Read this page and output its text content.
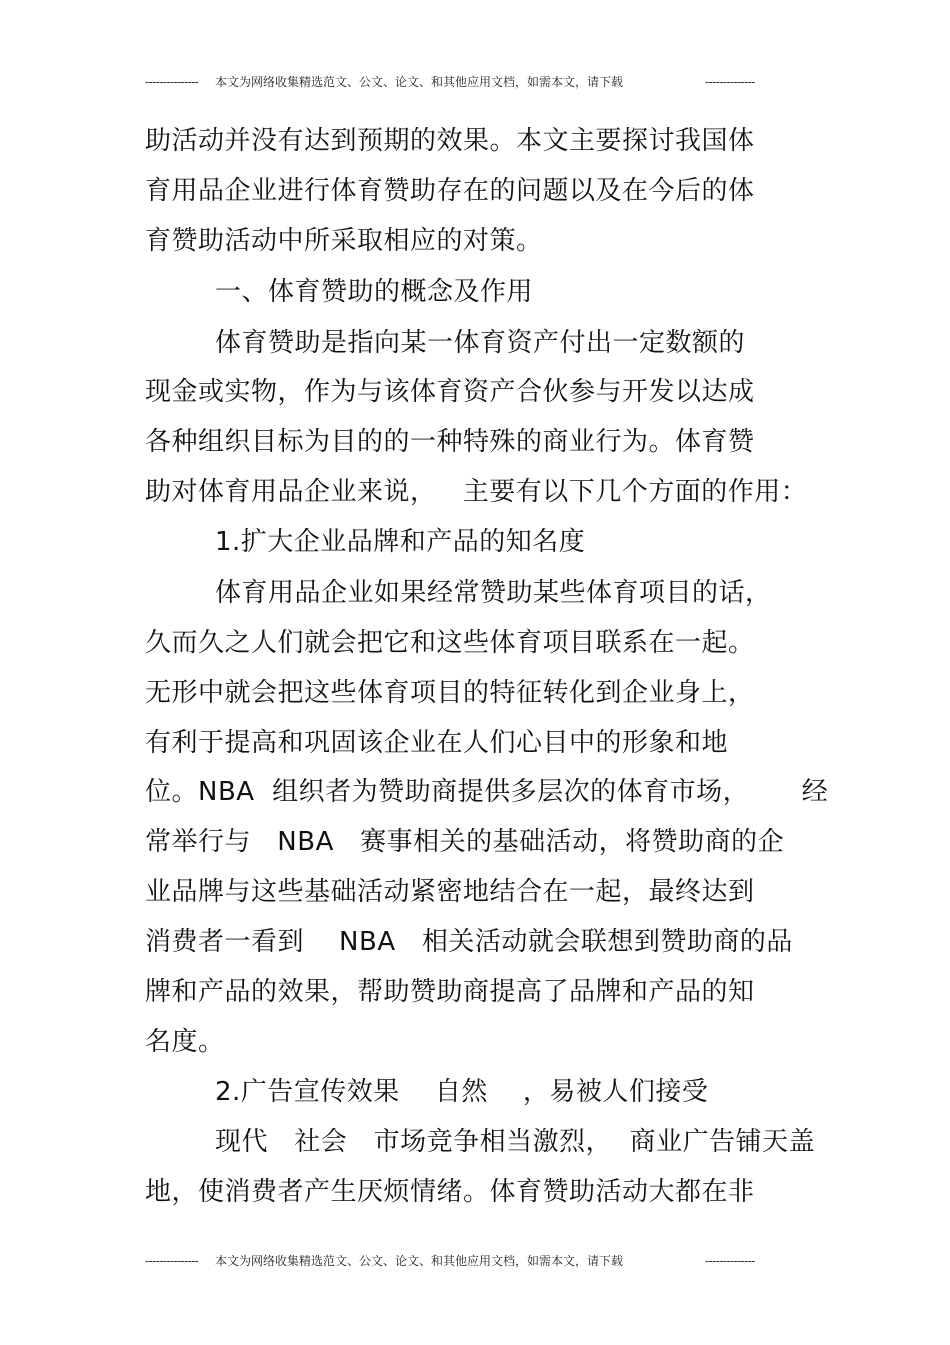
--------------- 本文为网络收集精选范文、公文、论文、和其他应用文档，如需本文，请下载	--------------
助活动并没有达到预期的效果。本文主要探讨我国体
育用品企业进行体育赞助存在的问题以及在今后的体
育赞助活动中所采取相应的对策。
一、体育赞助的概念及作用
体育赞助是指向某一体育资产付出一定数额的
现金或实物，作为与该体育资产合伙参与开发以达成
各种组织目标为目的的一种特殊的商业行为。体育赞
助对体育用品企业来说，   主要有以下几个方面的作用：
1.扩大企业品牌和产品的知名度
体育用品企业如果经常赞助某些体育项目的话，
久而久之人们就会把它和这些体育项目联系在一起。
无形中就会把这些体育项目的特征转化到企业身上，
有利于提高和巩固该企业在人们心目中的形象和地
位。NBA  组织者为赞助商提供多层次的体育市场，      经
常举行与   NBA   赛事相关的基础活动，将赞助商的企
业品牌与这些基础活动紧密地结合在一起，最终达到
消费者一看到    NBA   相关活动就会联想到赞助商的品
牌和产品的效果，帮助赞助商提高了品牌和产品的知
名度。
2.广告宣传效果    自然    ，易被人们接受
现代   社会   市场竞争相当激烈，  商业广告铺天盖
地，使消费者产生厌烦情绪。体育赞助活动大都在非
--------------- 本文为网络收集精选范文、公文、论文、和其他应用文档，如需本文，请下载	--------------
